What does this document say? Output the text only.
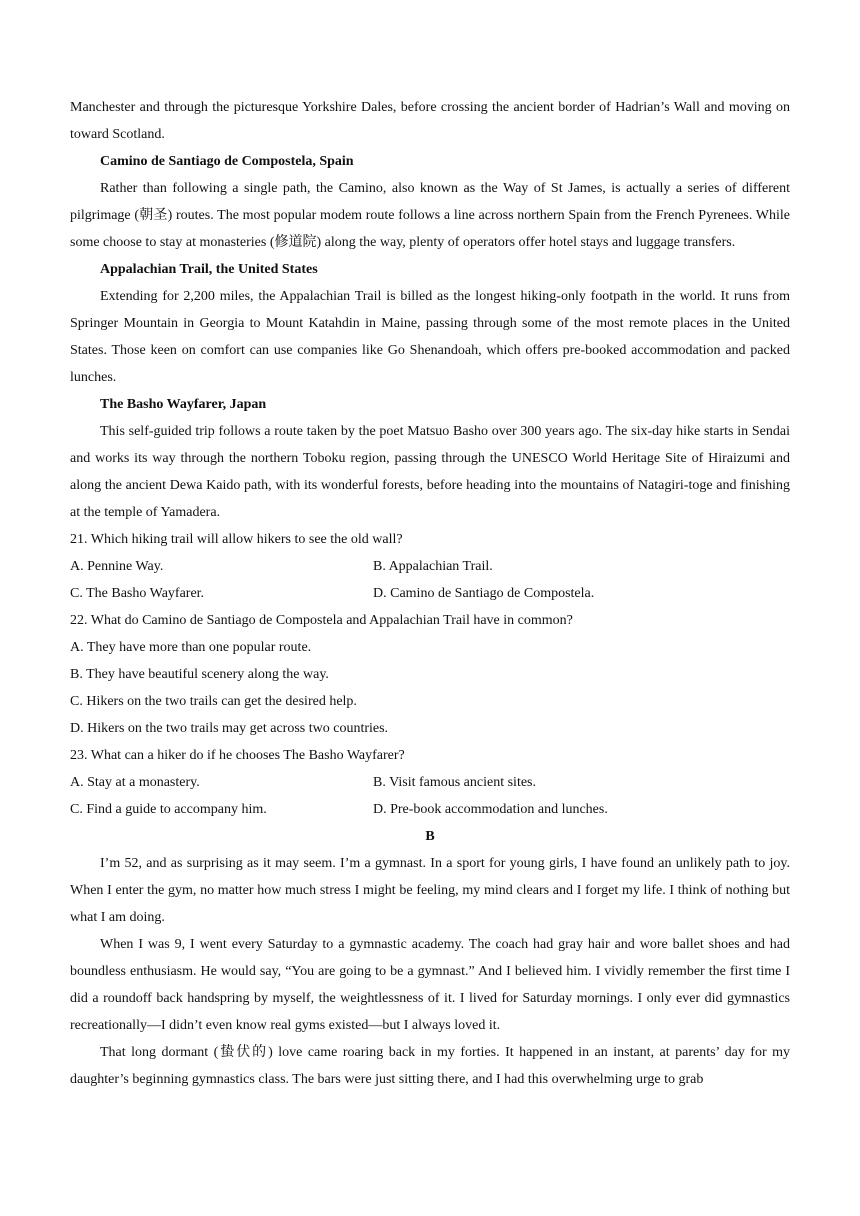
Manchester and through the picturesque Yorkshire Dales, before crossing the ancient border of Hadrian’s Wall and moving on toward Scotland.

Camino de Santiago de Compostela, Spain

Rather than following a single path, the Camino, also known as the Way of St James, is actually a series of different pilgrimage (朝圣) routes. The most popular modem route follows a line across northern Spain from the French Pyrenees. While some choose to stay at monasteries (修道院) along the way, plenty of operators offer hotel stays and luggage transfers.

Appalachian Trail, the United States

Extending for 2,200 miles, the Appalachian Trail is billed as the longest hiking-only footpath in the world. It runs from Springer Mountain in Georgia to Mount Katahdin in Maine, passing through some of the most remote places in the United States. Those keen on comfort can use companies like Go Shenandoah, which offers pre-booked accommodation and packed lunches.

The Basho Wayfarer, Japan

This self-guided trip follows a route taken by the poet Matsuo Basho over 300 years ago. The six-day hike starts in Sendai and works its way through the northern Toboku region, passing through the UNESCO World Heritage Site of Hiraizumi and along the ancient Dewa Kaido path, with its wonderful forests, before heading into the mountains of Natagiri-toge and finishing at the temple of Yamadera.

21. Which hiking trail will allow hikers to see the old wall?

A. Pennine Way.	B. Appalachian Trail.
C. The Basho Wayfarer.	D. Camino de Santiago de Compostela.

22. What do Camino de Santiago de Compostela and Appalachian Trail have in common?

A. They have more than one popular route.

B. They have beautiful scenery along the way.

C. Hikers on the two trails can get the desired help.

D. Hikers on the two trails may get across two countries.

23. What can a hiker do if he chooses The Basho Wayfarer?

A. Stay at a monastery.	B. Visit famous ancient sites.
C. Find a guide to accompany him.	D. Pre-book accommodation and lunches.

B

I’m 52, and as surprising as it may seem. I’m a gymnast. In a sport for young girls, I have found an unlikely path to joy. When I enter the gym, no matter how much stress I might be feeling, my mind clears and I forget my life. I think of nothing but what I am doing.

When I was 9, I went every Saturday to a gymnastic academy. The coach had gray hair and wore ballet shoes and had boundless enthusiasm. He would say, “You are going to be a gymnast.” And I believed him. I vividly remember the first time I did a roundoff back handspring by myself, the weightlessness of it. I lived for Saturday mornings. I only ever did gymnastics recreationally—I didn’t even know real gyms existed—but I always loved it.

That long dormant (蛰伏的) love came roaring back in my forties. It happened in an instant, at parents’ day for my daughter’s beginning gymnastics class. The bars were just sitting there, and I had this overwhelming urge to grab
